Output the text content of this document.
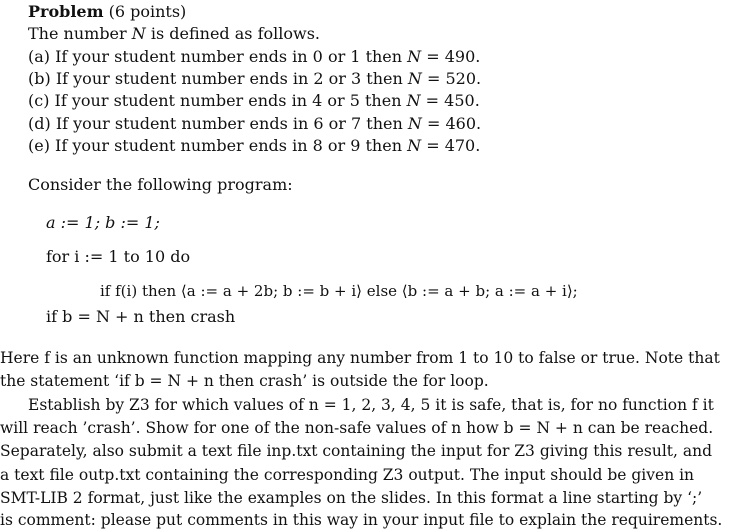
Problem (6 points)
The number N is defined as follows.
(a) If your student number ends in 0 or 1 then N = 490.
(b) If your student number ends in 2 or 3 then N = 520.
(c) If your student number ends in 4 or 5 then N = 450.
(d) If your student number ends in 6 or 7 then N = 460.
(e) If your student number ends in 8 or 9 then N = 470.
Consider the following program:
a := 1; b := 1;
for i := 1 to 10 do
if f(i) then ⟨a := a + 2b; b := b + i⟩ else ⟨b := a + b; a := a + i⟩;
if b = N + n then crash
Here f is an unknown function mapping any number from 1 to 10 to false or true. Note that
the statement ‘if b = N + n then crash’ is outside the for loop.
Establish by Z3 for which values of n = 1, 2, 3, 4, 5 it is safe, that is, for no function f it
will reach ’crash’. Show for one of the non-safe values of n how b = N + n can be reached.
Separately, also submit a text file inp.txt containing the input for Z3 giving this result, and
a text file outp.txt containing the corresponding Z3 output. The input should be given in
SMT-LIB 2 format, just like the examples on the slides. In this format a line starting by ‘;’
is comment: please put comments in this way in your input file to explain the requirements.
